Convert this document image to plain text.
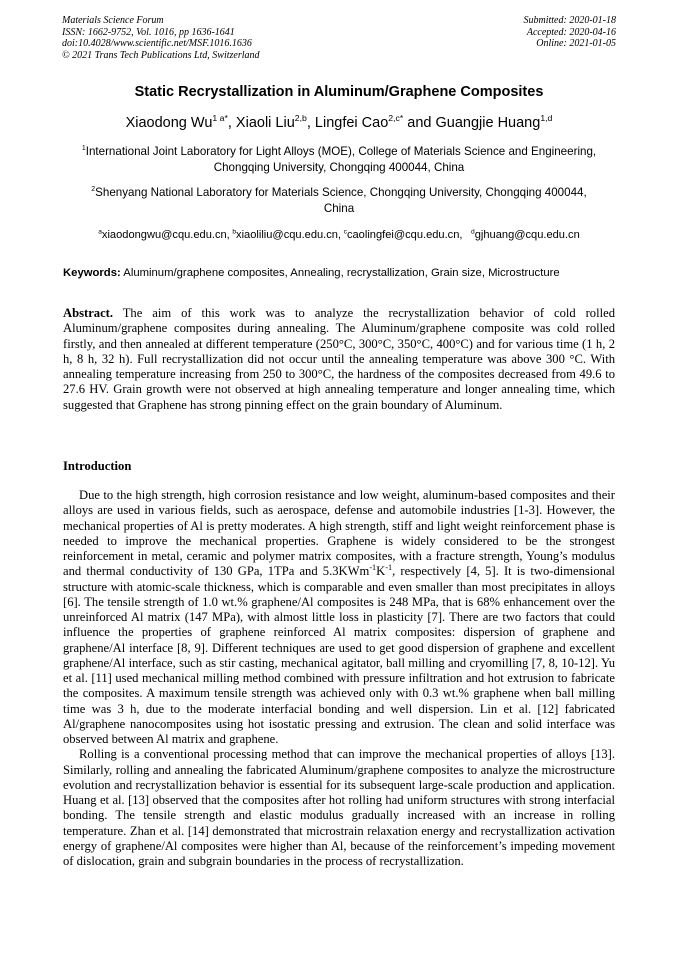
Materials Science Forum
ISSN: 1662-9752, Vol. 1016, pp 1636-1641
doi:10.4028/www.scientific.net/MSF.1016.1636
© 2021 Trans Tech Publications Ltd, Switzerland
Submitted: 2020-01-18
Accepted: 2020-04-16
Online: 2021-01-05
Static Recrystallization in Aluminum/Graphene Composites
Xiaodong $Wu^{1 a*}$, Xiaoli Liu$^{2,b}$, Lingfei Cao$^{2,c*}$ and Guangjie Huang$^{1,d}$
$^1$International Joint Laboratory for Light Alloys (MOE), College of Materials Science and Engineering, Chongqing University, Chongqing 400044, China
$^2$Shenyang National Laboratory for Materials Science, Chongqing University, Chongqing 400044, China
$^a$xiaodongwu@cqu.edu.cn, $^b$xiaoliliu@cqu.edu.cn, $^c$caolingfei@cqu.edu.cn, $^d$gjhuang@cqu.edu.cn
Keywords: Aluminum/graphene composites, Annealing, recrystallization, Grain size, Microstructure
Abstract. The aim of this work was to analyze the recrystallization behavior of cold rolled Aluminum/graphene composites during annealing. The Aluminum/graphene composite was cold rolled firstly, and then annealed at different temperature (250°C, 300°C, 350°C, 400°C) and for various time (1 h, 2 h, 8 h, 32 h). Full recrystallization did not occur until the annealing temperature was above 300 °C. With annealing temperature increasing from 250 to 300°C, the hardness of the composites decreased from 49.6 to 27.6 HV. Grain growth were not observed at high annealing temperature and longer annealing time, which suggested that Graphene has strong pinning effect on the grain boundary of Aluminum.
Introduction

Due to the high strength, high corrosion resistance and low weight, aluminum-based composites and their alloys are used in various fields, such as aerospace, defense and automobile industries [1-3]. However, the mechanical properties of Al is pretty moderates. A high strength, stiff and light weight reinforcement phase is needed to improve the mechanical properties. Graphene is widely considered to be the strongest reinforcement in metal, ceramic and polymer matrix composites, with a fracture strength, Young’s modulus and thermal conductivity of 130 GPa, 1TPa and $5.3KWm^{-1}K^{-1}$, respectively [4, 5]. It is two-dimensional structure with atomic-scale thickness, which is comparable and even smaller than most precipitates in alloys [6]. The tensile strength of 1.0 wt.% graphene/Al composites is 248 MPa, that is 68% enhancement over the unreinforced Al matrix (147 MPa), with almost little loss in plasticity [7]. There are two factors that could influence the properties of graphene reinforced Al matrix composites: dispersion of graphene and graphene/Al interface [8, 9]. Different techniques are used to get good dispersion of graphene and excellent graphene/Al interface, such as stir casting, mechanical agitator, ball milling and cryomilling [7, 8, 10-12]. Yu et al. [11] used mechanical milling method combined with pressure infiltration and hot extrusion to fabricate the composites. A maximum tensile strength was achieved only with 0.3 wt.% graphene when ball milling time was 3 h, due to the moderate interfacial bonding and well dispersion. Lin et al. [12] fabricated Al/graphene nanocomposites using hot isostatic pressing and extrusion. The clean and solid interface was observed between Al matrix and graphene.

Rolling is a conventional processing method that can improve the mechanical properties of alloys [13]. Similarly, rolling and annealing the fabricated Aluminum/graphene composites to analyze the microstructure evolution and recrystallization behavior is essential for its subsequent large-scale production and application. Huang et al. [13] observed that the composites after hot rolling had uniform structures with strong interfacial bonding. The tensile strength and elastic modulus gradually increased with an increase in rolling temperature. Zhan et al. [14] demonstrated that microstrain relaxation energy and recrystallization activation energy of graphene/Al composites were higher than Al, because of the reinforcement’s impeding movement of dislocation, grain and subgrain boundaries in the process of recrystallization.
